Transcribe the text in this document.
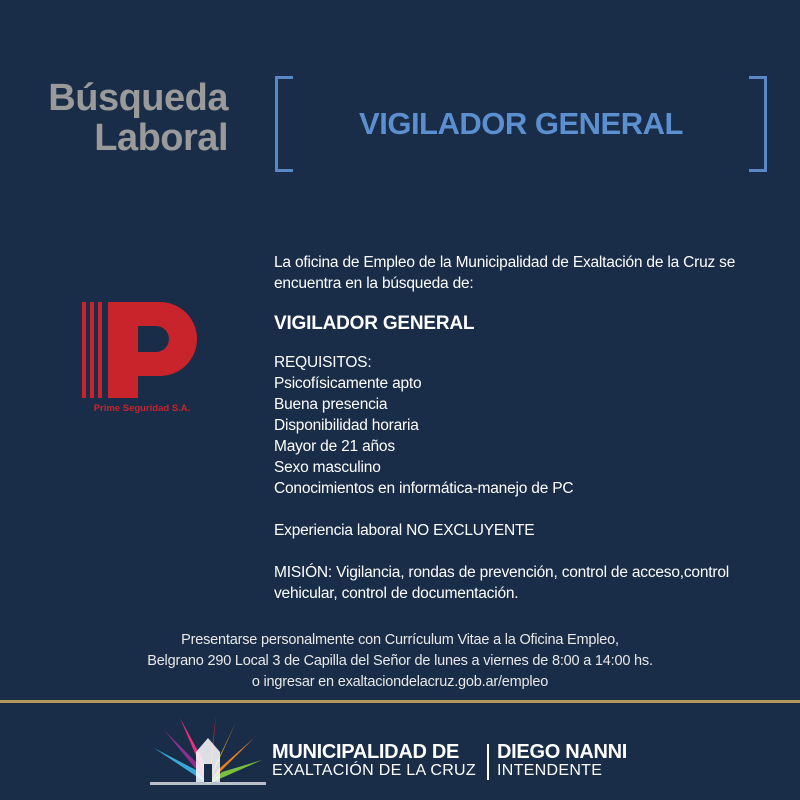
Búsqueda
Laboral	VIGILADOR GENERAL
Prime Seguridad S.A.

La oficina de Empleo de la Municipalidad de Exaltación de la Cruz se encuentra en la búsqueda de:

VIGILADOR GENERAL

REQUISITOS:

Psicofísicamente apto
Buena presencia
Disponibilidad horaria
Mayor de 21 años
Sexo masculino
Conocimientos en informática-manejo de PC

Experiencia laboral NO EXCLUYENTE

MISIÓN: Vigilancia, rondas de prevención, control de acceso,control vehicular, control de documentación.

Presentarse personalmente con Currículum Vitae a la Oficina Empleo,

Belgrano 290 Local 3 de Capilla del Señor de lunes a viernes de 8:00 a 14:00 hs.

o ingresar en exaltaciondelacruz.gob.ar/empleo

MUNICIPALIDAD DE
EXALTACIÓN DE LA CRUZ
DIEGO NANNI
INTENDENTE
